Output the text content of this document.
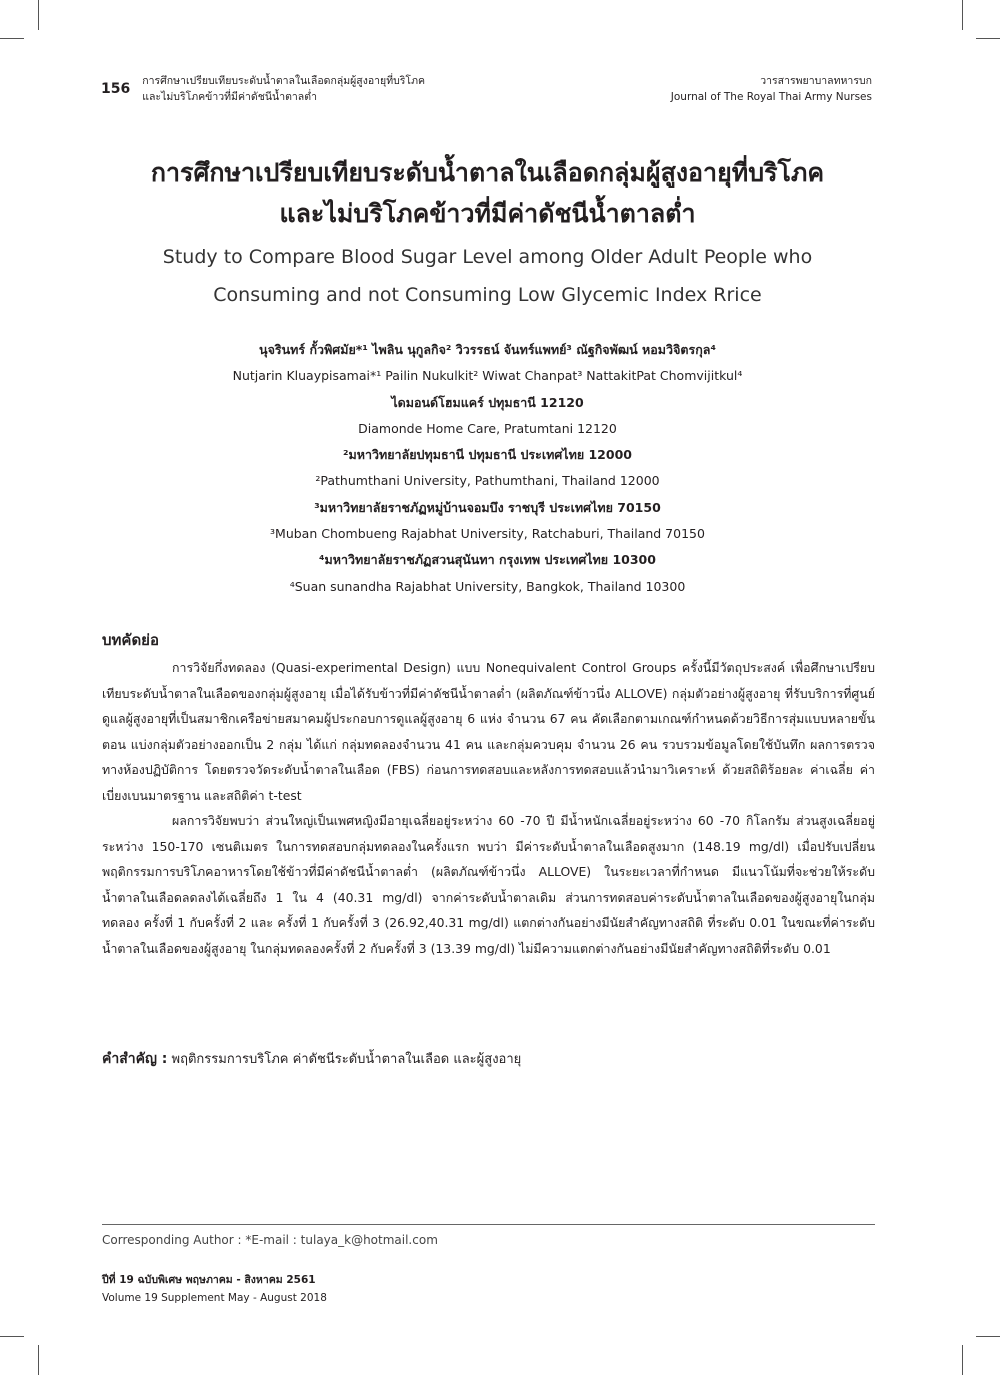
156 การศึกษาเปรียบเทียบระดับน้ำตาลในเลือดกลุ่มผู้สูงอายุที่บริโภค
และไม่บริโภคข้าวที่มีค่าดัชนีน้ำตาลต่ำ
วารสารพยาบาลทหารบก
Journal of The Royal Thai Army Nurses
การศึกษาเปรียบเทียบระดับน้ำตาลในเลือดกลุ่มผู้สูงอายุที่บริโภค
และไม่บริโภคข้าวที่มีค่าดัชนีน้ำตาลต่ำ
Study to Compare Blood Sugar Level among Older Adult People who
Consuming and not Consuming Low Glycemic Index Rrice
นุจรินทร์ กั้วพิศมัย*¹ ไพลิน นุกูลกิจ² วิวรรธน์ จันทร์แพทย์³ ณัฐกิจพัฒน์ หอมวิจิตรกุล⁴
Nutjarin Kluaypisamai*¹ Pailin Nukulkit² Wiwat Chanpat³ NattakitPat Chomvijitkul⁴
ไดมอนด์โฮมแคร์ ปทุมธานี 12120
Diamonde Home Care, Pratumtani 12120
²มหาวิทยาลัยปทุมธานี ปทุมธานี ประเทศไทย 12000
²Pathumthani University, Pathumthani, Thailand 12000
³มหาวิทยาลัยราชภัฏหมู่บ้านจอมบึง ราชบุรี ประเทศไทย 70150
³Muban Chombueng Rajabhat University, Ratchaburi, Thailand 70150
⁴มหาวิทยาลัยราชภัฏสวนสุนันทา กรุงเทพ ประเทศไทย 10300
⁴Suan sunandha Rajabhat University, Bangkok, Thailand 10300
บทคัดย่อ

การวิจัยกึ่งทดลอง (Quasi-experimental Design) แบบ Nonequivalent Control Groups ครั้งนี้มีวัตถุประสงค์ เพื่อศึกษาเปรียบเทียบระดับน้ำตาลในเลือดของกลุ่มผู้สูงอายุ เมื่อได้รับข้าวที่มีค่าดัชนีน้ำตาลต่ำ (ผลิตภัณฑ์ข้าวนึ่ง ALLOVE) กลุ่มตัวอย่างผู้สูงอายุ ที่รับบริการที่ศูนย์ดูแลผู้สูงอายุที่เป็นสมาชิกเครือข่ายสมาคมผู้ประกอบการดูแลผู้สูงอายุ 6 แห่ง จำนวน 67 คน คัดเลือกตามเกณฑ์กำหนดด้วยวิธีการสุ่มแบบหลายขั้นตอน แบ่งกลุ่มตัวอย่างออกเป็น 2 กลุ่ม ได้แก่ กลุ่มทดลองจำนวน 41 คน และกลุ่มควบคุม จำนวน 26 คน รวบรวมข้อมูลโดยใช้บันทึก ผลการตรวจทางห้องปฏิบัติการ โดยตรวจวัดระดับน้ำตาลในเลือด (FBS) ก่อนการทดสอบและหลังการทดสอบแล้วนำมาวิเคราะห์ ด้วยสถิติร้อยละ ค่าเฉลี่ย ค่าเบี่ยงเบนมาตรฐาน และสถิติค่า t-test

ผลการวิจัยพบว่า ส่วนใหญ่เป็นเพศหญิงมีอายุเฉลี่ยอยู่ระหว่าง 60 -70 ปี มีน้ำหนักเฉลี่ยอยู่ระหว่าง 60 -70 กิโลกรัม ส่วนสูงเฉลี่ยอยู่ระหว่าง 150-170 เซนติเมตร ในการทดสอบกลุ่มทดลองในครั้งแรก พบว่า มีค่าระดับน้ำตาลในเลือดสูงมาก (148.19 mg/dl) เมื่อปรับเปลี่ยนพฤติกรรมการบริโภคอาหารโดยใช้ข้าวที่มีค่าดัชนีน้ำตาลต่ำ (ผลิตภัณฑ์ข้าวนึ่ง ALLOVE) ในระยะเวลาที่กำหนด มีแนวโน้มที่จะช่วยให้ระดับน้ำตาลในเลือดลดลงได้เฉลี่ยถึง 1 ใน 4 (40.31 mg/dl) จากค่าระดับน้ำตาลเดิม ส่วนการทดสอบค่าระดับน้ำตาลในเลือดของผู้สูงอายุในกลุ่มทดลอง ครั้งที่ 1 กับครั้งที่ 2 และ ครั้งที่ 1 กับครั้งที่ 3 (26.92,40.31 mg/dl) แตกต่างกันอย่างมีนัยสำคัญทางสถิติ ที่ระดับ 0.01 ในขณะที่ค่าระดับน้ำตาลในเลือดของผู้สูงอายุ ในกลุ่มทดลองครั้งที่ 2 กับครั้งที่ 3 (13.39 mg/dl) ไม่มีความแตกต่างกันอย่างมีนัยสำคัญทางสถิติที่ระดับ 0.01

คำสำคัญ : พฤติกรรมการบริโภค ค่าดัชนีระดับน้ำตาลในเลือด และผู้สูงอายุ
Corresponding Author : *E-mail : tulaya_k@hotmail.com
ปีที่ 19 ฉบับพิเศษ พฤษภาคม - สิงหาคม 2561
Volume 19 Supplement May - August 2018
